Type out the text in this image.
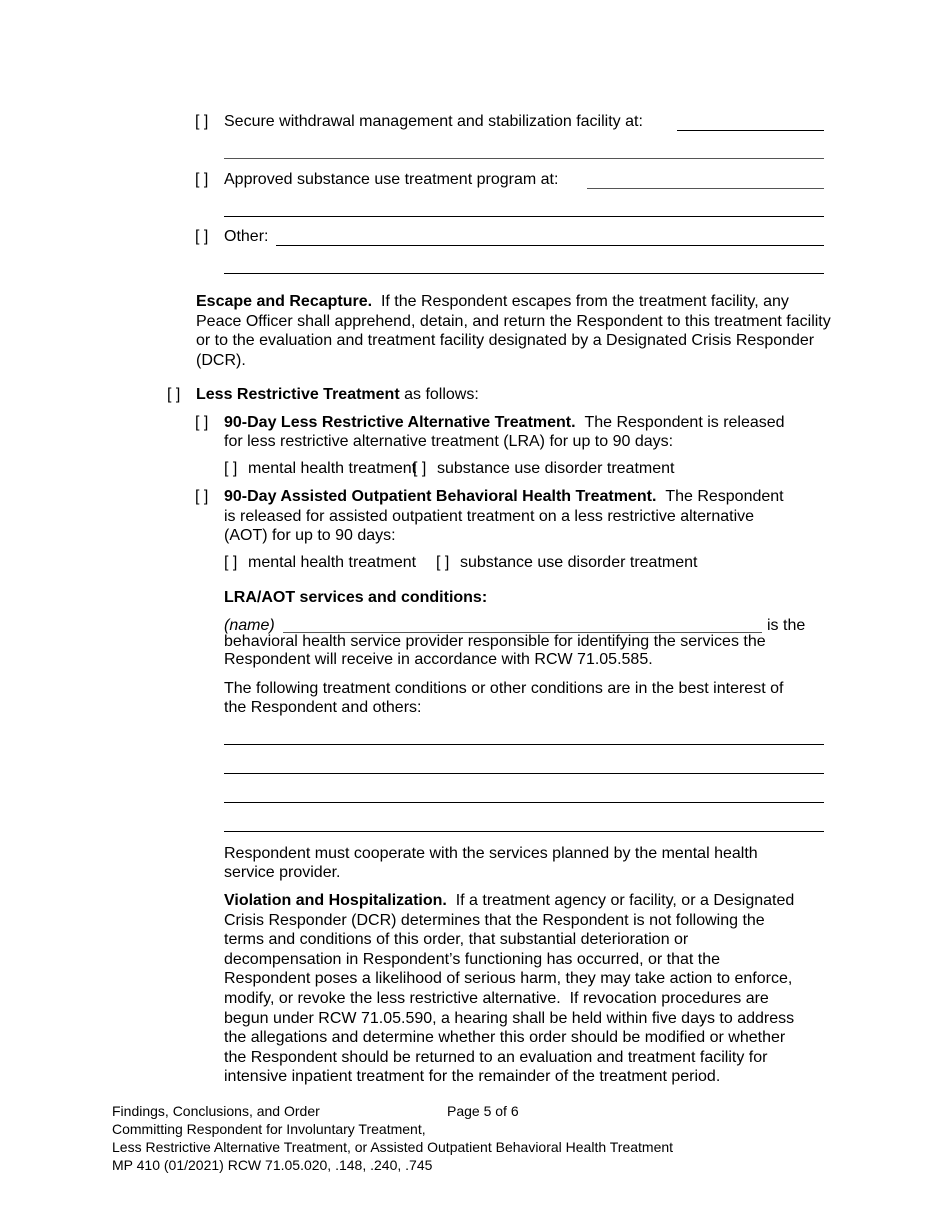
[ ] Secure withdrawal management and stabilization facility at:
[ ] Approved substance use treatment program at:
[ ] Other:
Escape and Recapture. If the Respondent escapes from the treatment facility, any Peace Officer shall apprehend, detain, and return the Respondent to this treatment facility or to the evaluation and treatment facility designated by a Designated Crisis Responder (DCR).
[ ] Less Restrictive Treatment as follows:
[ ] 90-Day Less Restrictive Alternative Treatment. The Respondent is released
for less restrictive alternative treatment (LRA) for up to 90 days:
[ ] mental health treatment
[ ] substance use disorder treatment
[ ] 90-Day Assisted Outpatient Behavioral Health Treatment. The Respondent
is released for assisted outpatient treatment on a less restrictive alternative
(AOT) for up to 90 days:
[ ] mental health treatment [ ] substance use disorder treatment
LRA/AOT services and conditions:
(name)	is the
behavioral health service provider responsible for identifying the services the
Respondent will receive in accordance with RCW 71.05.585.
The following treatment conditions or other conditions are in the best interest of
the Respondent and others:
Respondent must cooperate with the services planned by the mental health
service provider.
Violation and Hospitalization. If a treatment agency or facility, or a Designated
Crisis Responder (DCR) determines that the Respondent is not following the
terms and conditions of this order, that substantial deterioration or
decompensation in Respondent’s functioning has occurred, or that the
Respondent poses a likelihood of serious harm, they may take action to enforce,
modify, or revoke the less restrictive alternative.  If revocation procedures are
begun under RCW 71.05.590, a hearing shall be held within five days to address
the allegations and determine whether this order should be modified or whether
the Respondent should be returned to an evaluation and treatment facility for
intensive inpatient treatment for the remainder of the treatment period.
Findings, Conclusions, and Order	Page 5 of 6
Committing Respondent for Involuntary Treatment,
Less Restrictive Alternative Treatment, or Assisted Outpatient Behavioral Health Treatment
MP 410 (01/2021) RCW 71.05.020, .148, .240, .745
